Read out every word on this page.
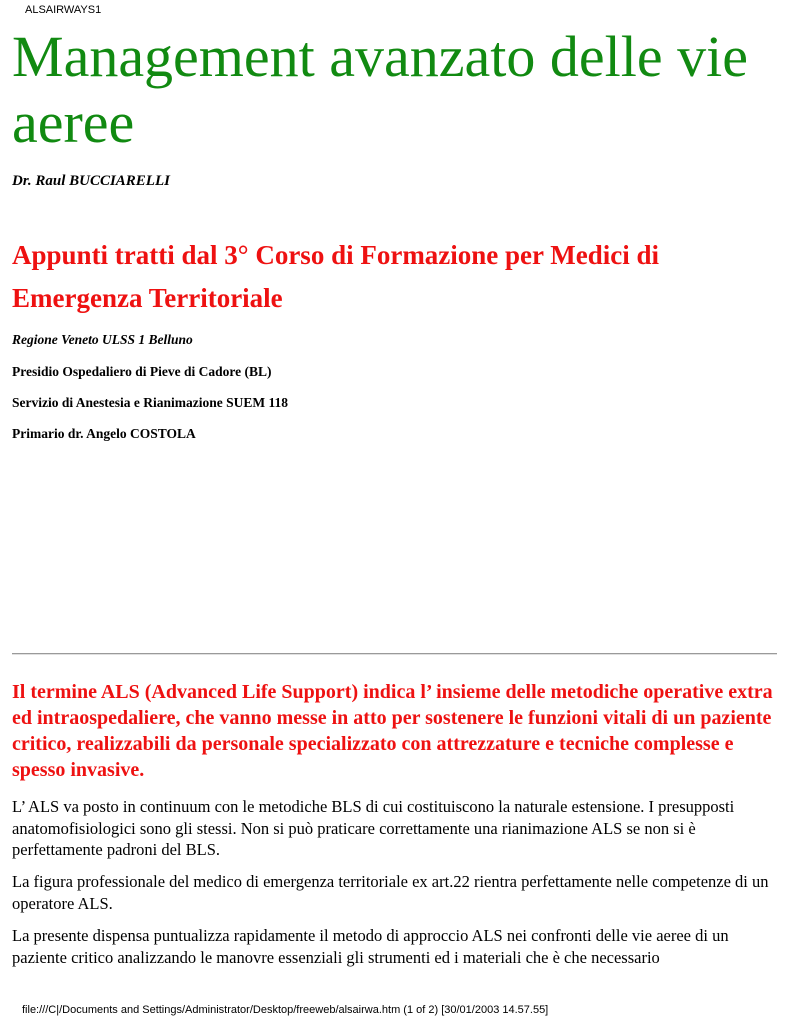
ALSAIRWAYS1
Management avanzato delle vie aeree
Dr. Raul BUCCIARELLI
Appunti tratti dal 3° Corso di Formazione per Medici di Emergenza Territoriale
Regione Veneto ULSS 1 Belluno
Presidio Ospedaliero di Pieve di Cadore (BL)
Servizio di Anestesia e Rianimazione SUEM 118
Primario dr. Angelo COSTOLA

Il termine ALS (Advanced Life Support) indica l’ insieme delle metodiche operative extra ed intraospedaliere, che vanno messe in atto per sostenere le funzioni vitali di un paziente critico, realizzabili da personale specializzato con attrezzature e tecniche complesse e spesso invasive.

L’ ALS va posto in continuum con le metodiche BLS di cui costituiscono la naturale estensione. I presupposti anatomofisiologici sono gli stessi. Non si può praticare correttamente una rianimazione ALS se non si è perfettamente padroni del BLS.

La figura professionale del medico di emergenza territoriale ex art.22 rientra perfettamente nelle competenze di un operatore ALS.

La presente dispensa puntualizza rapidamente il metodo di approccio ALS nei confronti delle vie aeree di un paziente critico analizzando le manovre essenziali gli strumenti ed i materiali che è che necessario

file:///C|/Documents and Settings/Administrator/Desktop/freeweb/alsairwa.htm (1 of 2) [30/01/2003 14.57.55]
